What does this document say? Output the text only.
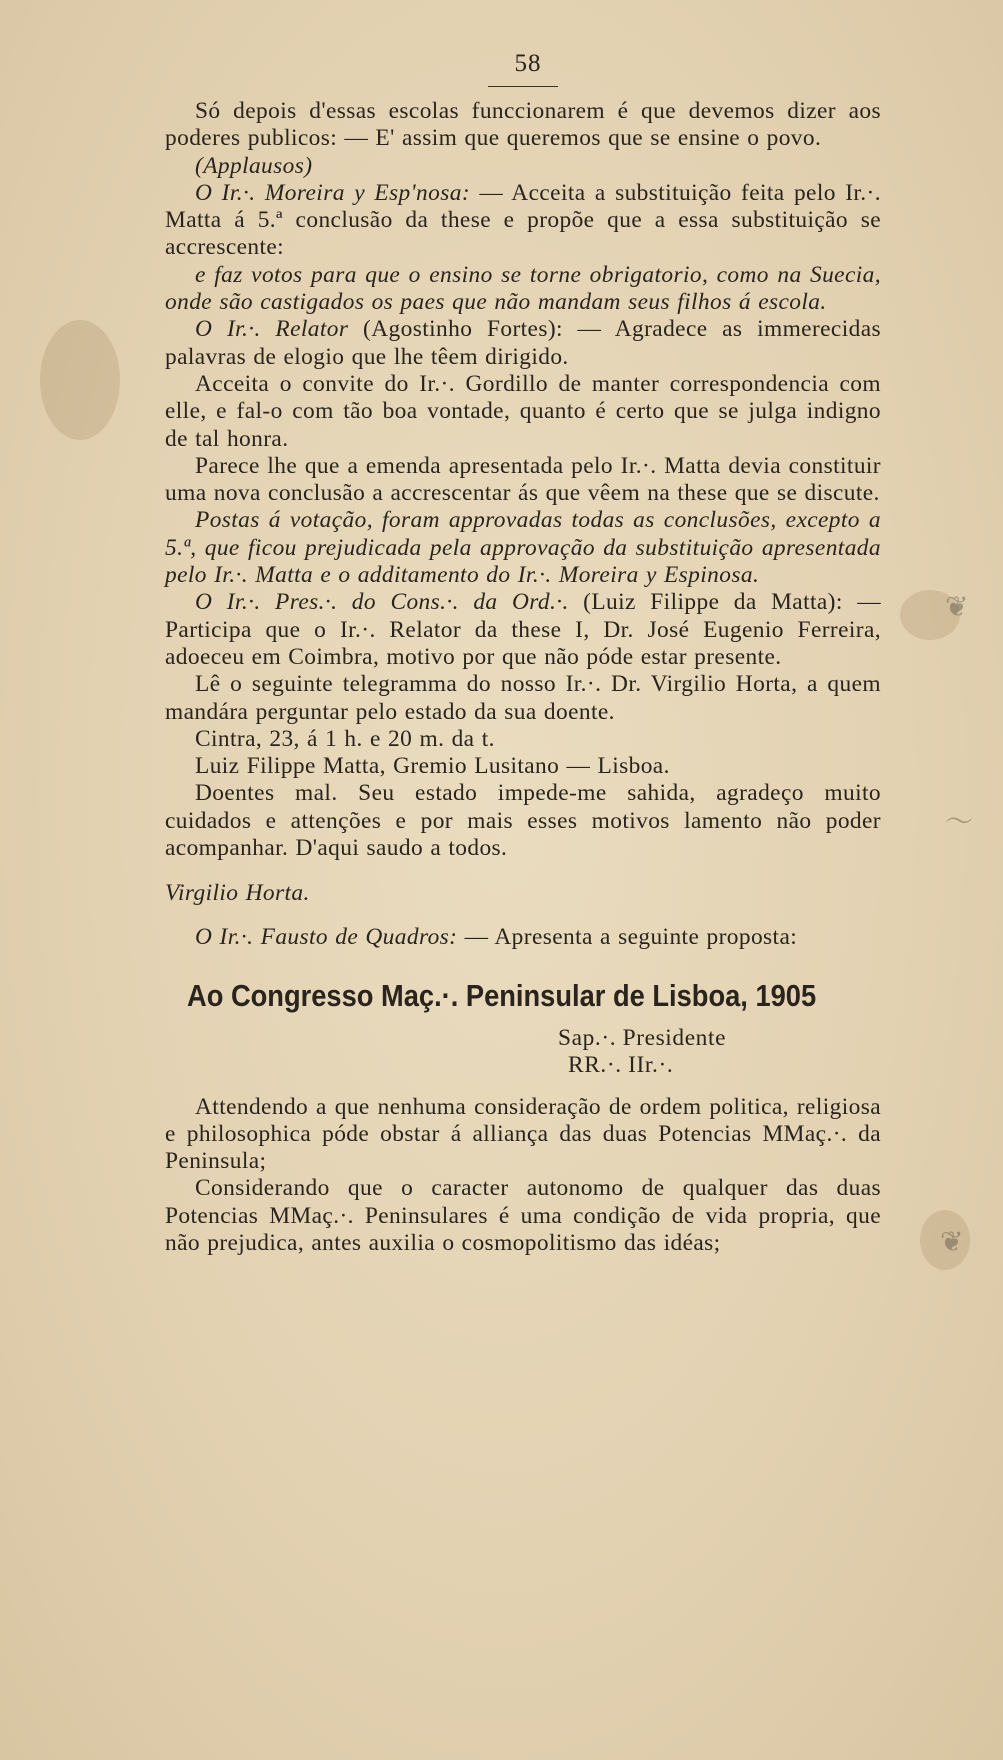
❦
〜
❦
58

Só depois d'essas escolas funccionarem é que devemos dizer aos poderes publicos: — E' assim que queremos que se ensine o povo.

(Applausos)

O Ir.·. Moreira y Esp'nosa: — Acceita a substituição feita pelo Ir.·. Matta á 5.ª conclusão da these e propõe que a essa substituição se accrescente:

e faz votos para que o ensino se torne obrigatorio, como na Suecia, onde são castigados os paes que não mandam seus filhos á escola.

O Ir.·. Relator (Agostinho Fortes): — Agradece as immerecidas palavras de elogio que lhe têem dirigido.

Acceita o convite do Ir.·. Gordillo de manter correspondencia com elle, e fal-o com tão boa vontade, quanto é certo que se julga indigno de tal honra.

Parece lhe que a emenda apresentada pelo Ir.·. Matta devia constituir uma nova conclusão a accrescentar ás que vêem na these que se discute.

Postas á votação, foram approvadas todas as conclusões, excepto a 5.ª, que ficou prejudicada pela approvação da substituição apresentada pelo Ir.·. Matta e o additamento do Ir.·. Moreira y Espinosa.

O Ir.·. Pres.·. do Cons.·. da Ord.·. (Luiz Filippe da Matta): — Participa que o Ir.·. Relator da these I, Dr. José Eugenio Ferreira, adoeceu em Coimbra, motivo por que não póde estar presente.

Lê o seguinte telegramma do nosso Ir.·. Dr. Virgilio Horta, a quem mandára perguntar pelo estado da sua doente.

Cintra, 23, á 1 h. e 20 m. da t.

Luiz Filippe Matta, Gremio Lusitano — Lisboa.

Doentes mal. Seu estado impede-me sahida, agradeço muito cuidados e attenções e por mais esses motivos lamento não poder acompanhar. D'aqui saudo a todos.

Virgilio Horta.

O Ir.·. Fausto de Quadros: — Apresenta a seguinte proposta:

Ao Congresso Maç.·. Peninsular de Lisboa, 1905
Sap.·. Presidente
RR.·. IIr.·.

Attendendo a que nenhuma consideração de ordem politica, religiosa e philosophica póde obstar á alliança das duas Potencias MMaç.·. da Peninsula;

Considerando que o caracter autonomo de qualquer das duas Potencias MMaç.·. Peninsulares é uma condição de vida propria, que não prejudica, antes auxilia o cosmopolitismo das idéas;
